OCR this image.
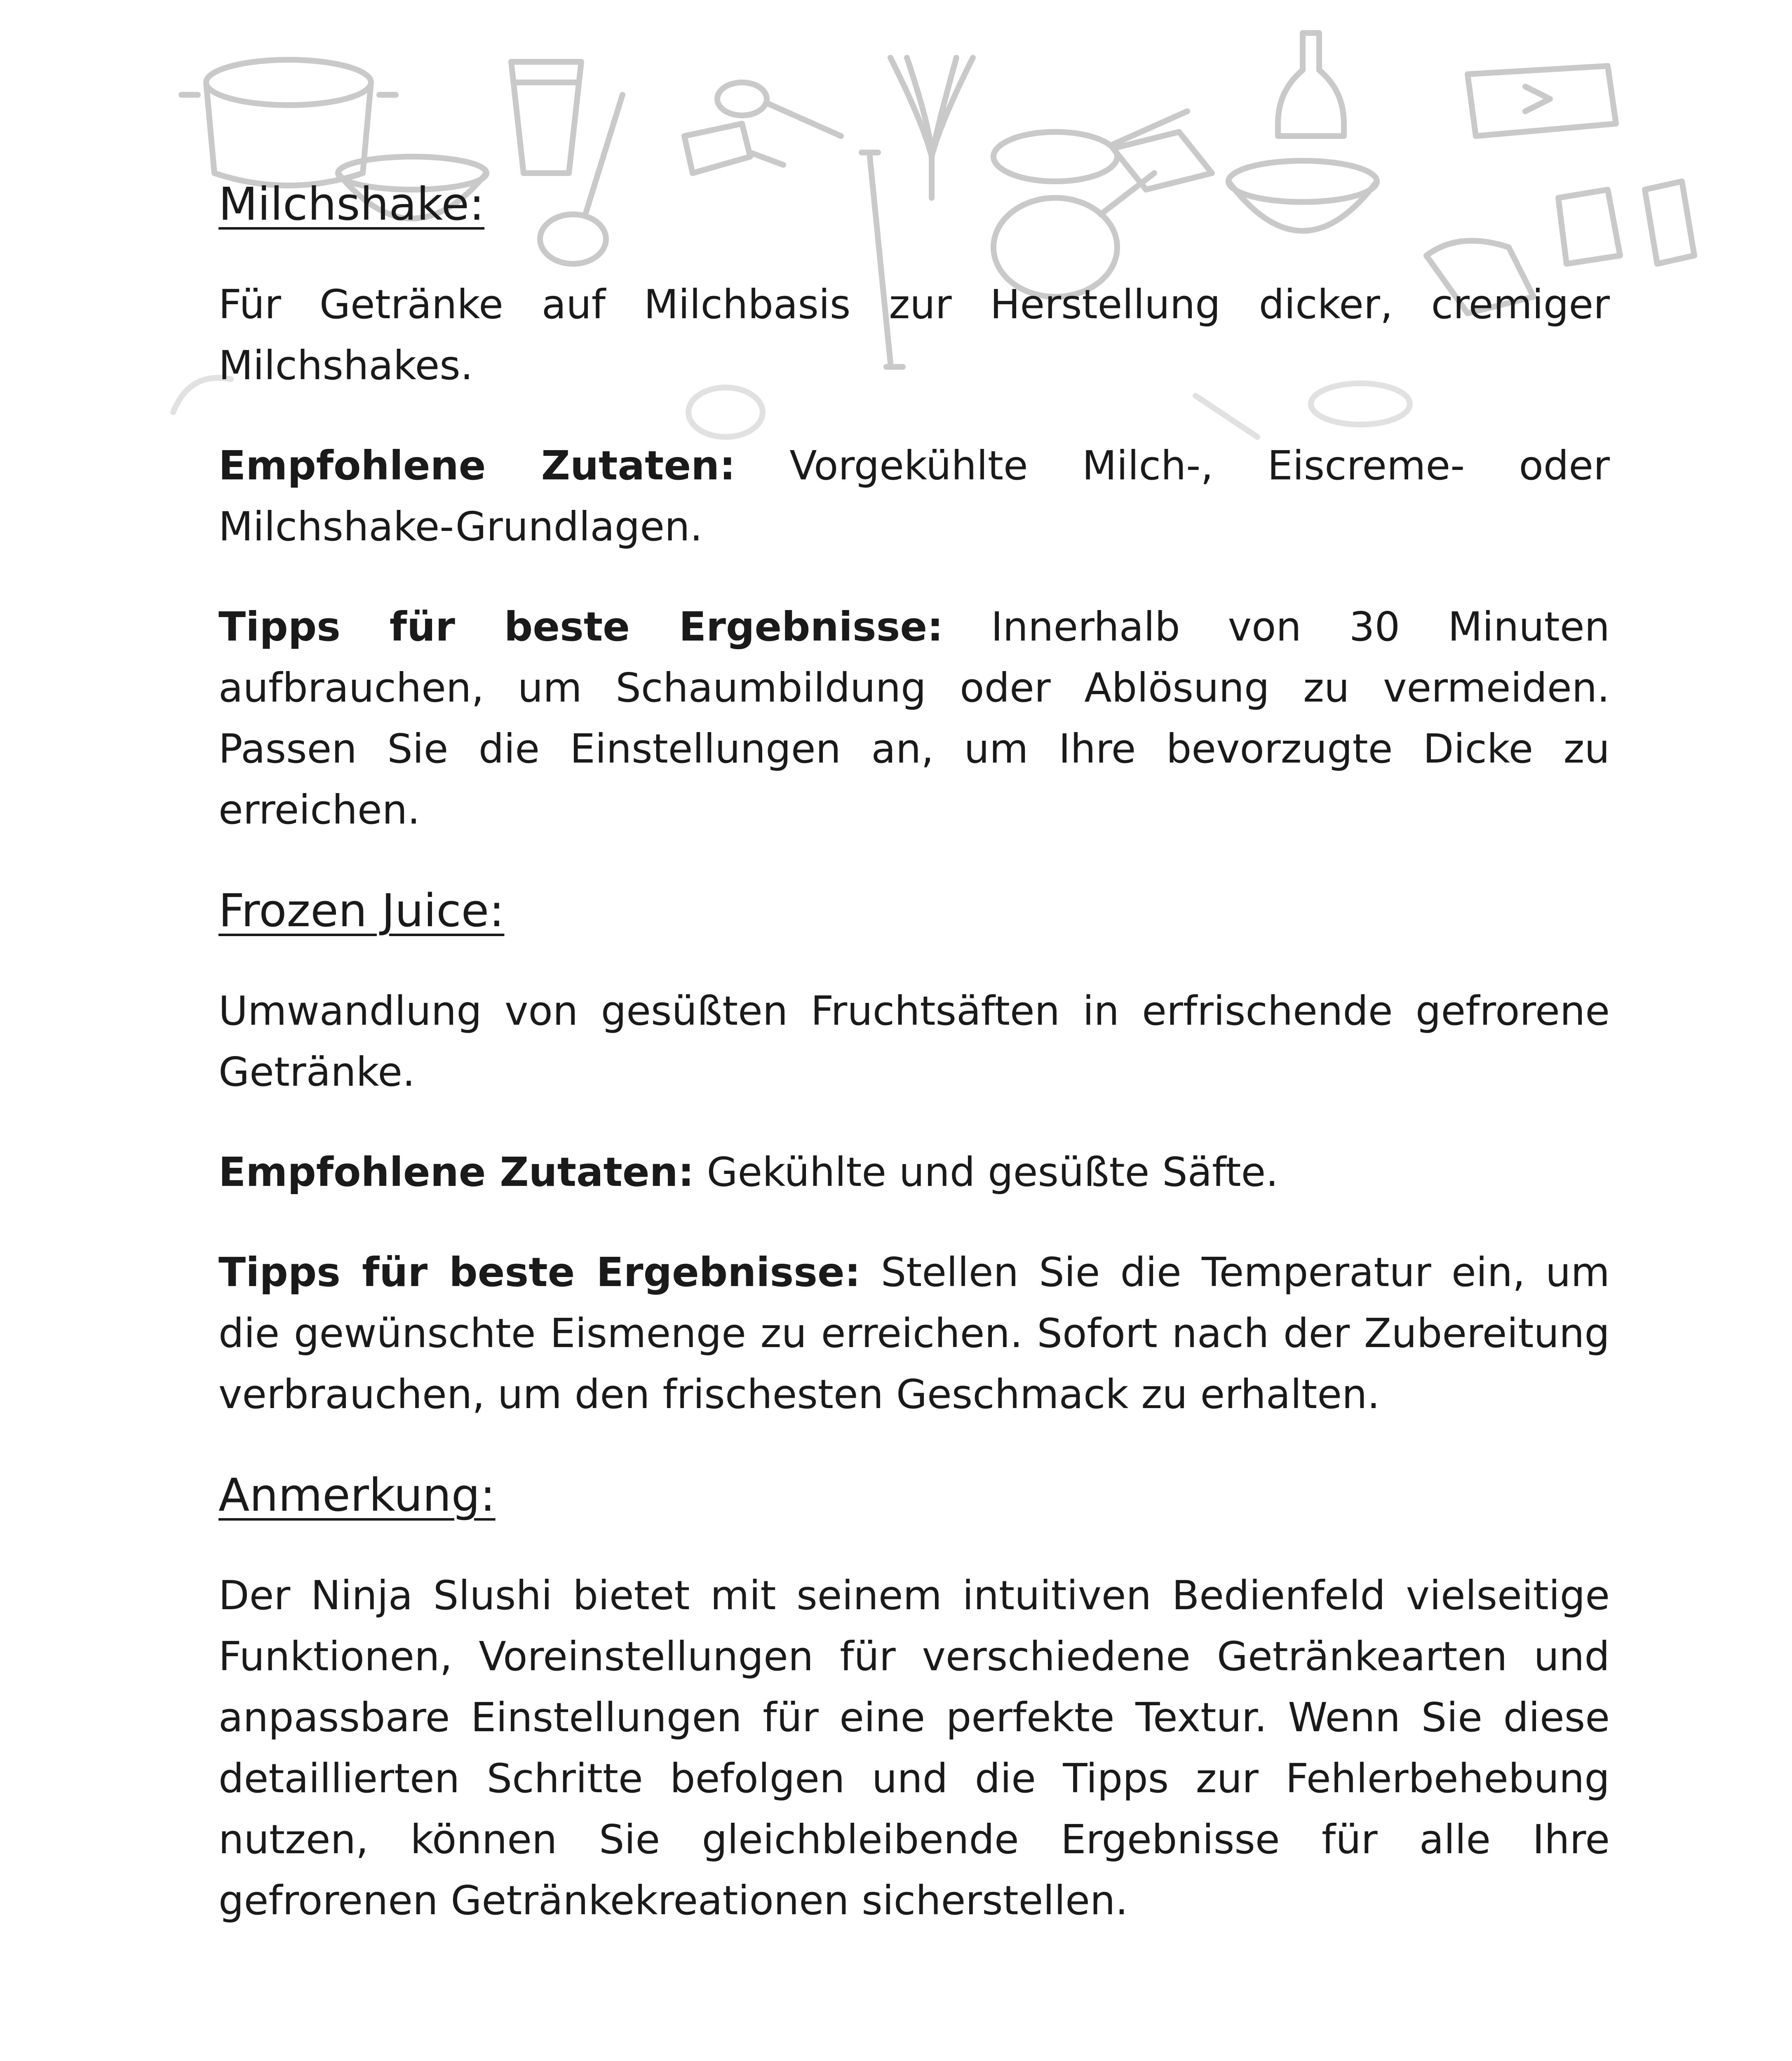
Milchshake:

Für Getränke auf Milchbasis zur Herstellung dicker, cremiger Milchshakes.

Empfohlene Zutaten: Vorgekühlte Milch-, Eiscreme- oder Milchshake-Grundlagen.

Tipps für beste Ergebnisse: Innerhalb von 30 Minuten aufbrauchen, um Schaumbildung oder Ablösung zu vermeiden. Passen Sie die Einstellungen an, um Ihre bevorzugte Dicke zu erreichen.

Frozen Juice:

Umwandlung von gesüßten Fruchtsäften in erfrischende gefrorene Getränke.

Empfohlene Zutaten: Gekühlte und gesüßte Säfte.

Tipps für beste Ergebnisse: Stellen Sie die Temperatur ein, um die gewünschte Eismenge zu erreichen. Sofort nach der Zubereitung verbrauchen, um den frischesten Geschmack zu erhalten.

Anmerkung:

Der Ninja Slushi bietet mit seinem intuitiven Bedienfeld vielseitige Funktionen, Voreinstellungen für verschiedene Getränkearten und anpassbare Einstellungen für eine perfekte Textur. Wenn Sie diese detaillierten Schritte befolgen und die Tipps zur Fehlerbehebung nutzen, können Sie gleichbleibende Ergebnisse für alle Ihre gefrorenen Getränkekreationen sicherstellen.
